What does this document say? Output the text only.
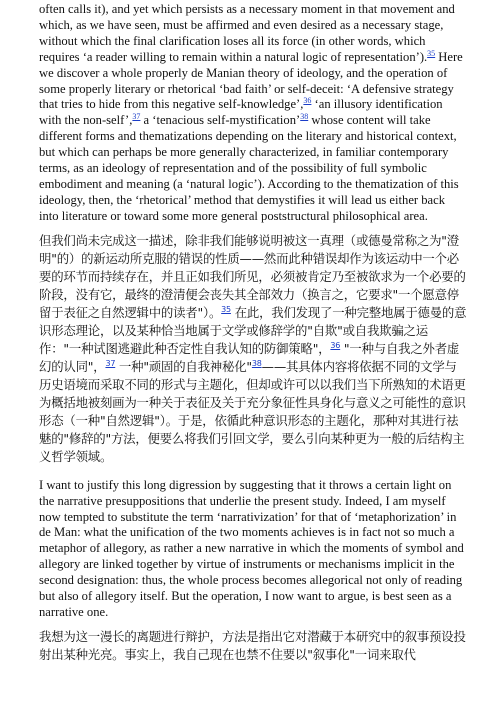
often calls it), and yet which persists as a necessary moment in that movement and which, as we have seen, must be affirmed and even desired as a necessary stage, without which the final clarification loses all its force (in other words, which requires ‘a reader willing to remain within a natural logic of representation’).$^{35}$ Here we discover a whole properly de Manian theory of ideology, and the operation of some properly literary or rhetorical ‘bad faith’ or self-deceit: ‘A defensive strategy that tries to hide from this negative self-knowledge’,$^{36}$ ‘an illusory identification with the non-self’,$^{37}$ a ‘tenacious self-mystification’$^{38}$ whose content will take different forms and thematizations depending on the literary and historical context, but which can perhaps be more generally characterized, in familiar contemporary terms, as an ideology of representation and of the possibility of full symbolic embodiment and meaning (a ‘natural logic’). According to the thematization of this ideology, then, the ‘rhetorical’ method that demystifies it will lead us either back into literature or toward some more general poststructural philosophical area.

但我们尚未完成这一描述，除非我们能够说明被这一真理（或德曼常称之为"澄明"的）的新运动所克服的错误的性质——然而此种错误却作为该运动中一个必要的环节而持续存在，并且正如我们所见，必须被肯定乃至被欲求为一个必要的阶段，没有它，最终的澄清便会丧失其全部效力（换言之，它要求"一个愿意停留于表征之自然逻辑中的读者"）。$^{35}$ 在此，我们发现了一种完整地属于德曼的意识形态理论，以及某种恰当地属于文学或修辞学的"自欺"或自我欺骗之运作："一种试图逃避此种否定性自我认知的防御策略"，$^{36}$ "一种与自我之外者虚幻的认同"，$^{37}$ 一种"顽固的自我神秘化"$^{38}$——其具体内容将依据不同的文学与历史语境而采取不同的形式与主题化，但却或许可以以我们当下所熟知的术语更为概括地被刻画为一种关于表征及关于充分象征性具身化与意义之可能性的意识形态（一种"自然逻辑"）。于是，依循此种意识形态的主题化，那种对其进行祛魅的"修辞的"方法，便要么将我们引回文学，要么引向某种更为一般的后结构主义哲学领域。

I want to justify this long digression by suggesting that it throws a certain light on the narrative presuppositions that underlie the present study. Indeed, I am myself now tempted to substitute the term ‘narrativization’ for that of ‘metaphorization’ in de Man: what the unification of the two moments achieves is in fact not so much a metaphor of allegory, as rather a new narrative in which the moments of symbol and allegory are linked together by virtue of instruments or mechanisms implicit in the second designation: thus, the whole process becomes allegorical not only of reading but also of allegory itself. But the operation, I now want to argue, is best seen as a narrative one.

我想为这一漫长的离题进行辩护，方法是指出它对潜藏于本研究中的叙事预设投射出某种光亮。事实上，我自己现在也禁不住要以"叙事化"一词来取代
